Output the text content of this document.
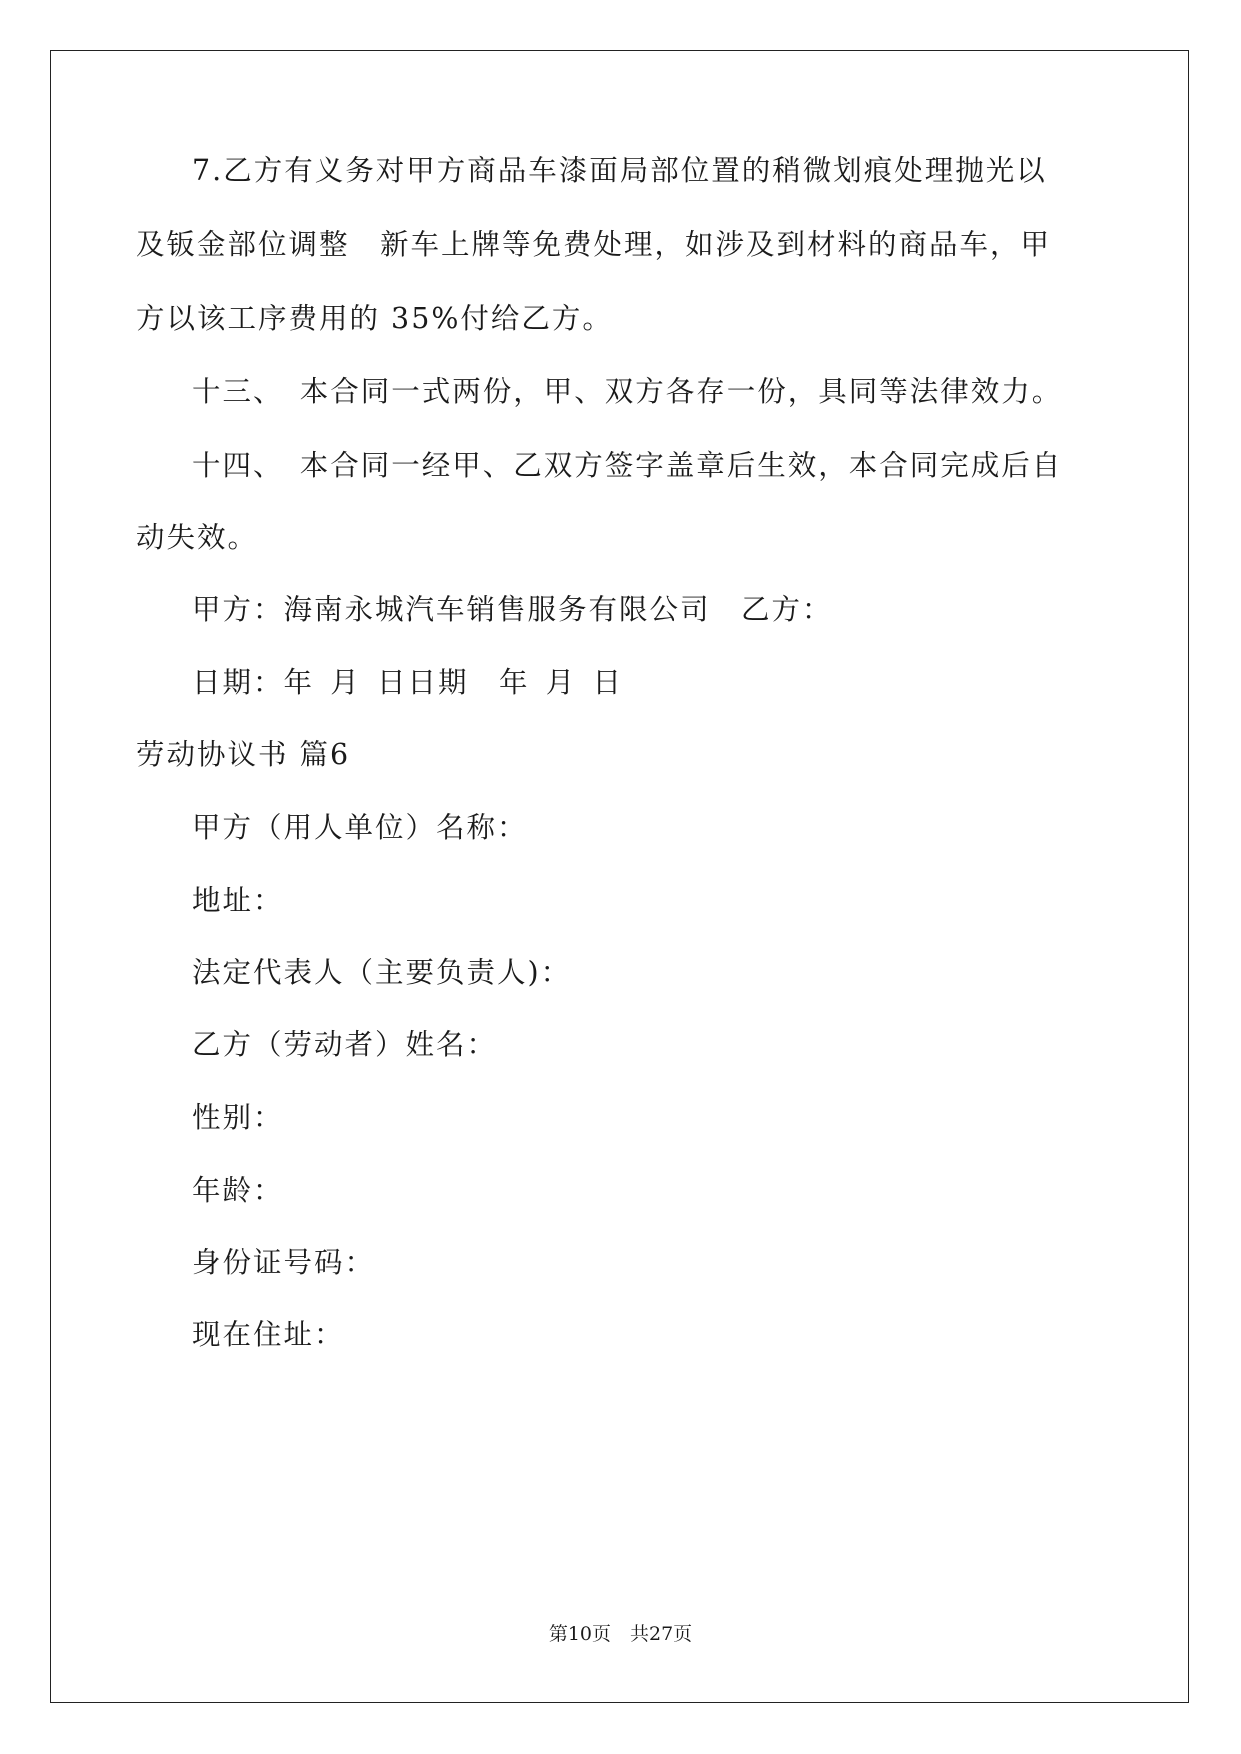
7.乙方有义务对甲方商品车漆面局部位置的稍微划痕处理抛光以
及钣金部位调整　新车上牌等免费处理，如涉及到材料的商品车，甲
方以该工序费用的 35%付给乙方。
十三、　本合同一式两份，甲、双方各存一份，具同等法律效力。
十四、　本合同一经甲、乙双方签字盖章后生效，本合同完成后自
动失效。
甲方：海南永城汽车销售服务有限公司　乙方：
日期：年 月 日日期　年 月 日
劳动协议书 篇6
甲方（用人单位）名称：
地址：
法定代表人（主要负责人)：
乙方（劳动者）姓名：
性别：
年龄：
身份证号码：
现在住址：
第10页　共27页
